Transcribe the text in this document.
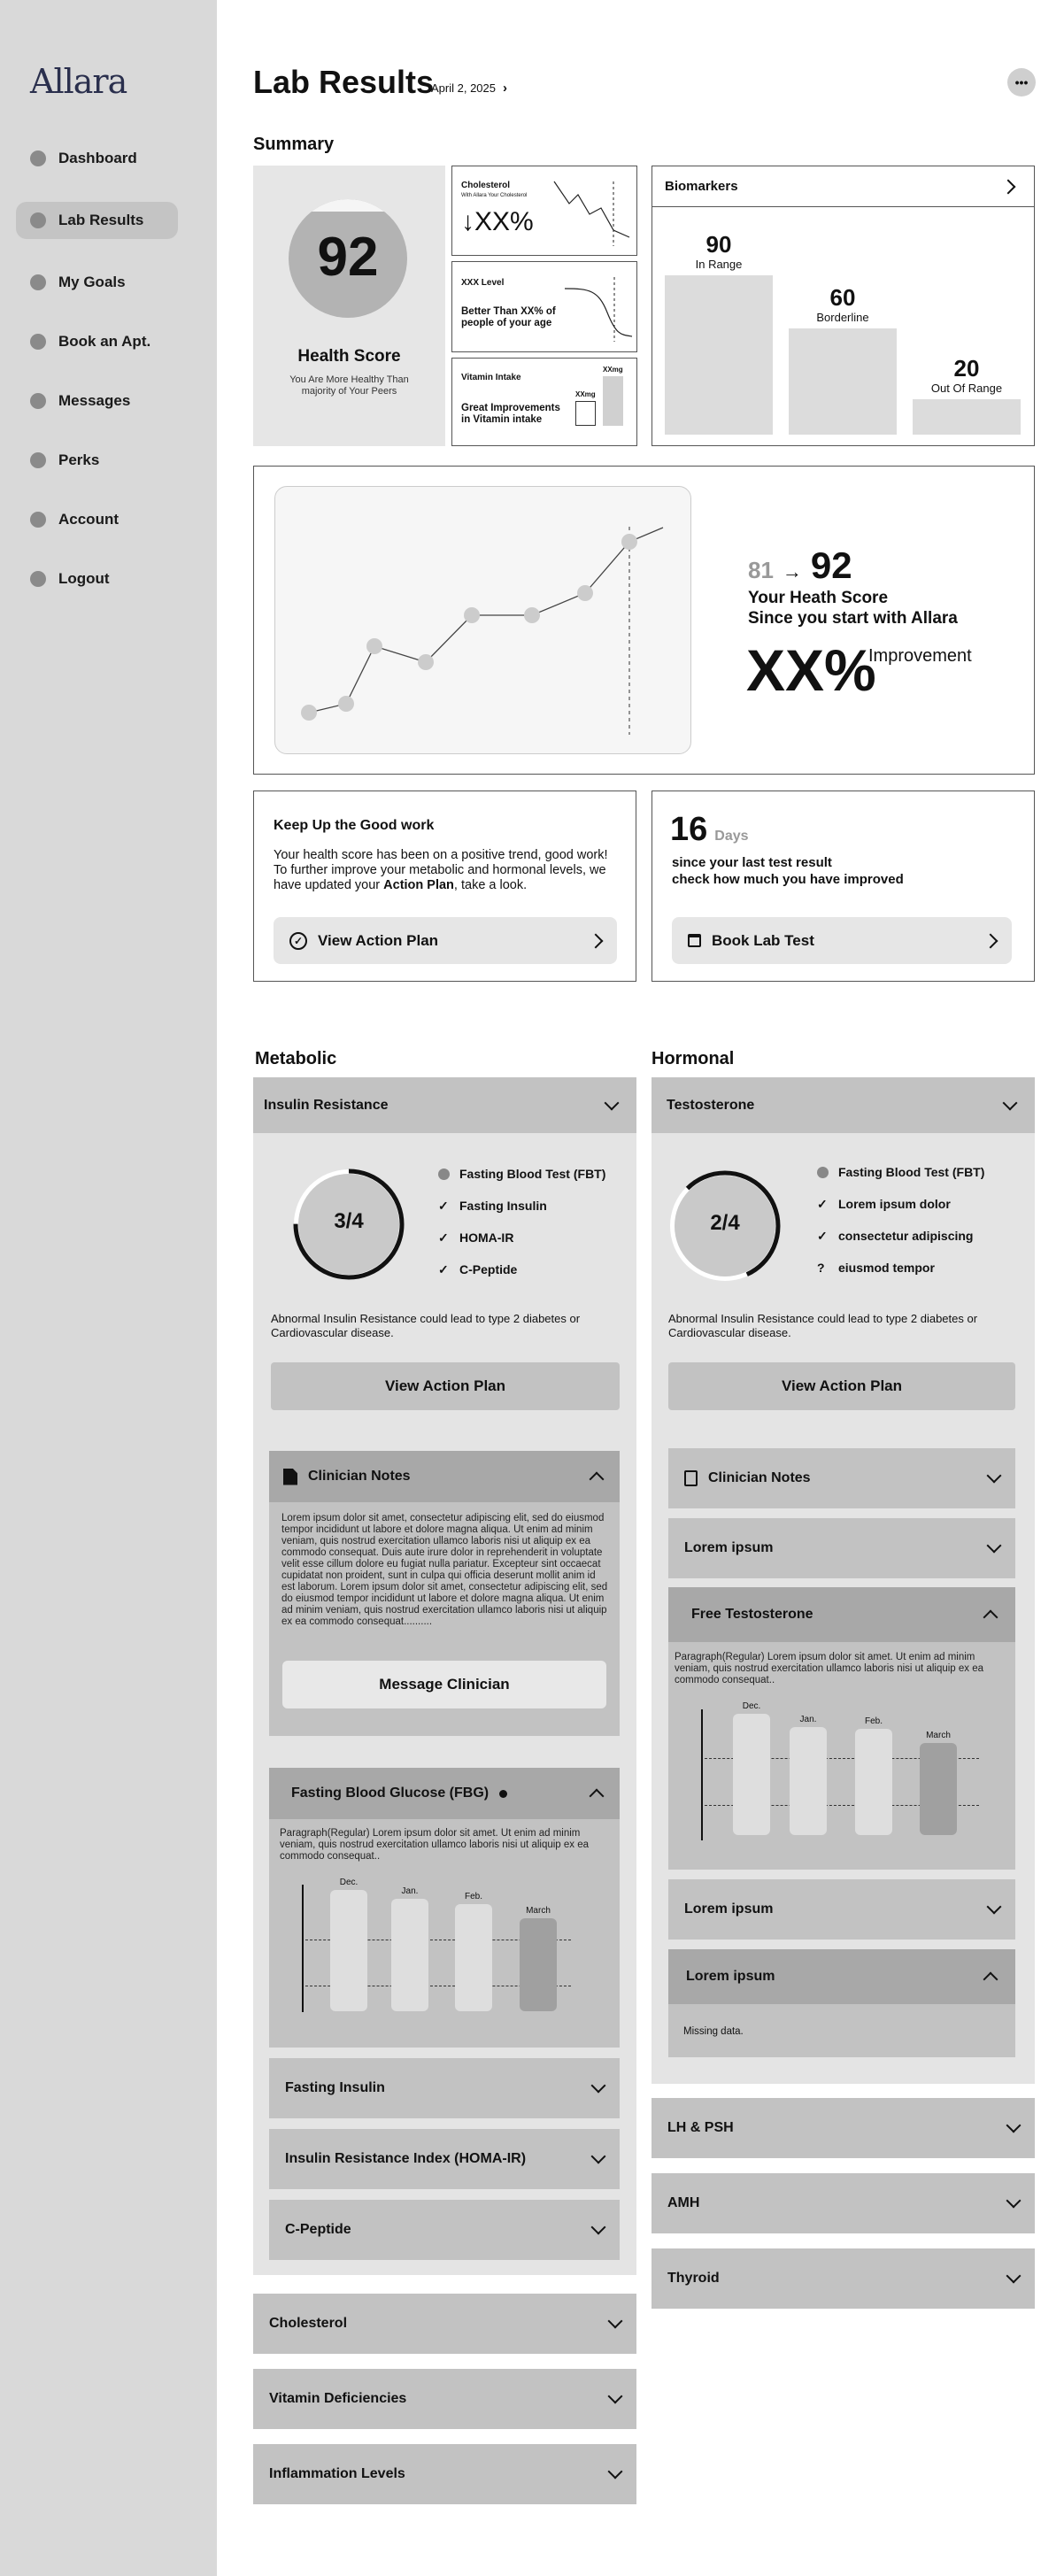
Allara
Dashboard
Lab Results
My Goals
Book an Apt.
Messages
Perks
Account
Logout
Lab Results
April 2, 2025 ›	•••
Summary
92
Health Score
You Are More Healthy Than majority of Your Peers
Cholesterol
With Allara Your Cholesterol
↓ XX%
XXX Level
Better Than XX% of people of your age
Vitamin Intake
Great Improvements in Vitamin intake
XXmg
XXmg
Biomarkers
90
In Range
60
Borderline
20
Out Of Range
81 → 92
Your Heath Score
Since you start with Allara
XX%
Improvement
Keep Up the Good work
Your health score has been on a positive trend, good work! To further improve your metabolic and hormonal levels, we have updated your Action Plan, take a look.
✓ View Action Plan
16 Days
since your last test result
check how much you have improved
Book Lab Test
Metabolic
Insulin Resistance
3/4
Fasting Blood Test (FBT)
✓ Fasting Insulin
✓ HOMA-IR
✓ C-Peptide
Abnormal Insulin Resistance could lead to type 2 diabetes or Cardiovascular disease.
View Action Plan
Clinician Notes
Lorem ipsum dolor sit amet, consectetur adipiscing elit, sed do eiusmod tempor incididunt ut labore et dolore magna aliqua. Ut enim ad minim veniam, quis nostrud exercitation ullamco laboris nisi ut aliquip ex ea commodo consequat. Duis aute irure dolor in reprehenderit in voluptate velit esse cillum dolore eu fugiat nulla pariatur. Excepteur sint occaecat cupidatat non proident, sunt in culpa qui officia deserunt mollit anim id est laborum. Lorem ipsum dolor sit amet, consectetur adipiscing elit, sed do eiusmod tempor incididunt ut labore et dolore magna aliqua. Ut enim ad minim veniam, quis nostrud exercitation ullamco laboris nisi ut aliquip ex ea commodo consequat..........
Message Clinician
Fasting Blood Glucose (FBG)
Paragraph(Regular) Lorem ipsum dolor sit amet. Ut enim ad minim veniam, quis nostrud exercitation ullamco laboris nisi ut aliquip ex ea commodo consequat..
Dec.
Jan.
Feb.
March
Fasting Insulin
Insulin Resistance Index (HOMA-IR)
C-Peptide
Cholesterol
Vitamin Deficiencies
Inflammation Levels
Hormonal
Testosterone
2/4
Fasting Blood Test (FBT)
✓ Lorem ipsum dolor
✓ consectetur adipiscing
?	eiusmod tempor
Abnormal Insulin Resistance could lead to type 2 diabetes or Cardiovascular disease.
View Action Plan
Clinician Notes
Lorem ipsum
Free Testosterone
Paragraph(Regular) Lorem ipsum dolor sit amet. Ut enim ad minim veniam, quis nostrud exercitation ullamco laboris nisi ut aliquip ex ea commodo consequat..
Dec.
Jan.	Feb.
March
Lorem ipsum
Lorem ipsum
Missing data.
LH & PSH
AMH
Thyroid
